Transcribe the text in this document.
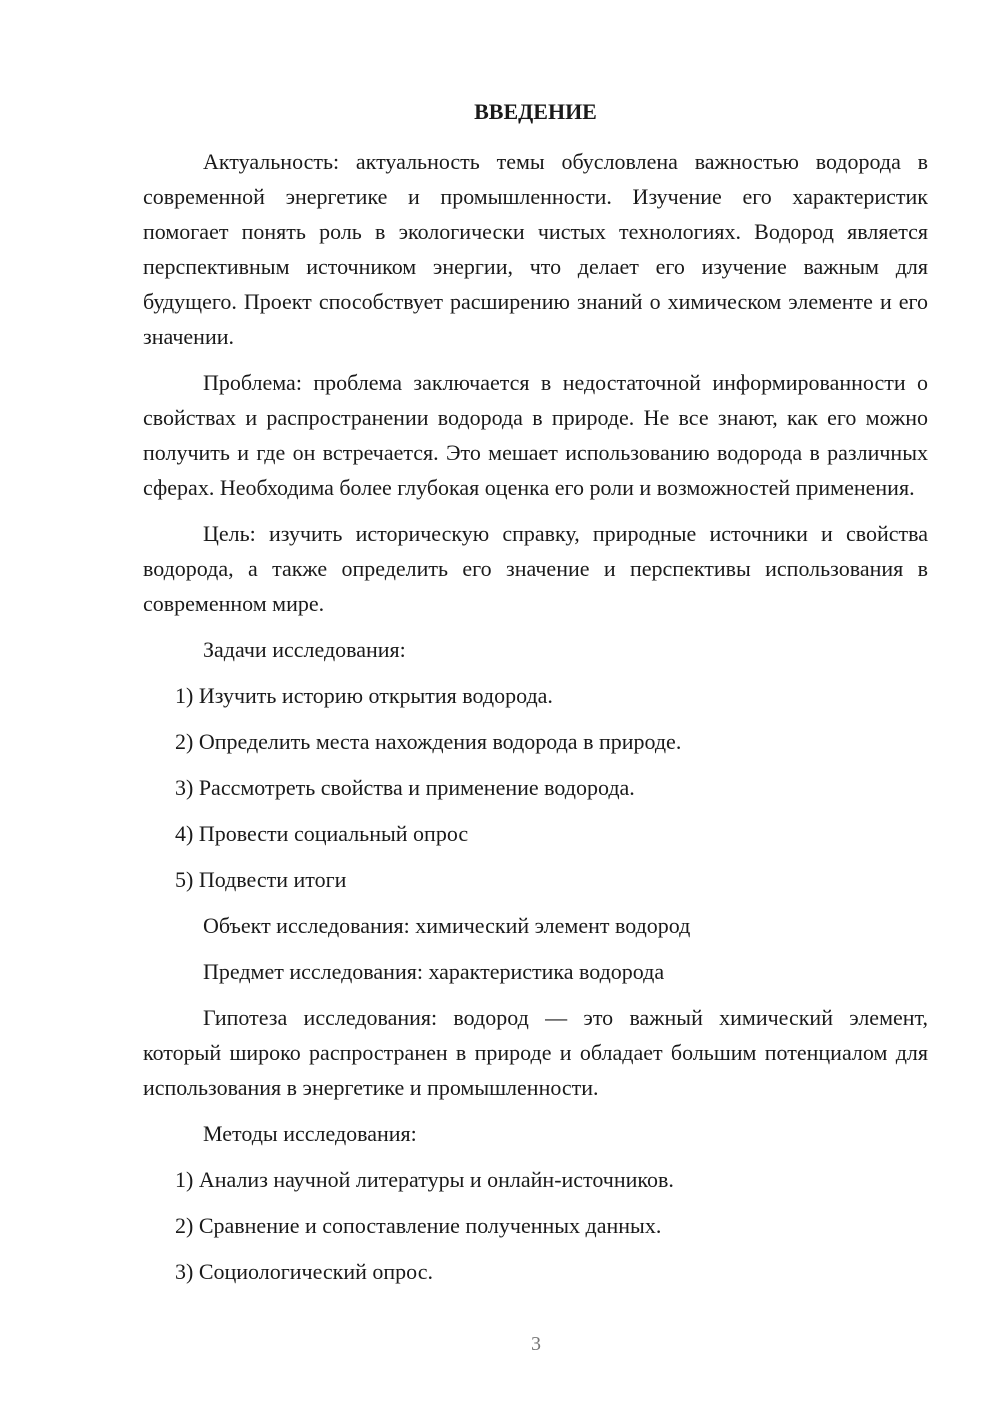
ВВЕДЕНИЕ

Актуальность: актуальность темы обусловлена важностью водорода в современной энергетике и промышленности. Изучение его характеристик помогает понять роль в экологически чистых технологиях. Водород является перспективным источником энергии, что делает его изучение важным для будущего. Проект способствует расширению знаний о химическом элементе и его значении.

Проблема: проблема заключается в недостаточной информированности о свойствах и распространении водорода в природе. Не все знают, как его можно получить и где он встречается. Это мешает использованию водорода в различных сферах. Необходима более глубокая оценка его роли и возможностей применения.

Цель: изучить историческую справку, природные источники и свойства водорода, а также определить его значение и перспективы использования в современном мире.

Задачи исследования:

1) Изучить историю открытия водорода.

2) Определить места нахождения водорода в природе.

3) Рассмотреть свойства и применение водорода.

4) Провести социальный опрос

5) Подвести итоги

Объект исследования: химический элемент водород

Предмет исследования: характеристика водорода

Гипотеза исследования: водород — это важный химический элемент, который широко распространен в природе и обладает большим потенциалом для использования в энергетике и промышленности.

Методы исследования:

1) Анализ научной литературы и онлайн-источников.

2) Сравнение и сопоставление полученных данных.

3) Социологический опрос.

3
